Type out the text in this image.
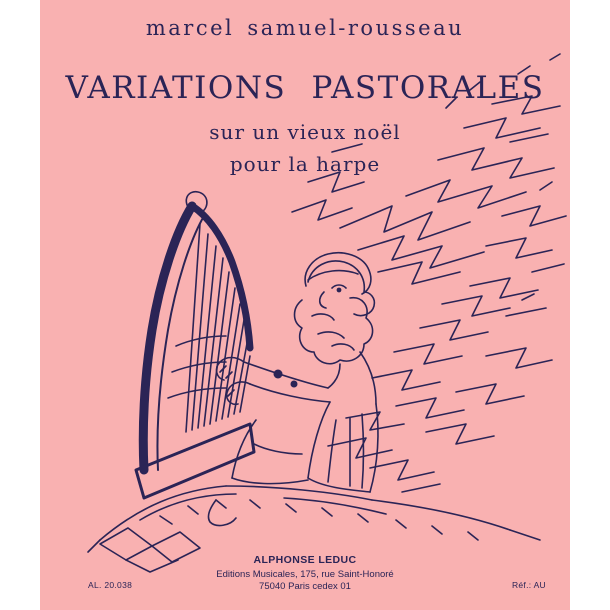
marcel samuel-rousseau
VARIATIONS PASTORALES
sur un vieux noël
pour la harpe
ALPHONSE LEDUC
Editions Musicales, 175, rue Saint-Honoré
75040 Paris cedex 01
AL. 20.038	Réf.: AU
